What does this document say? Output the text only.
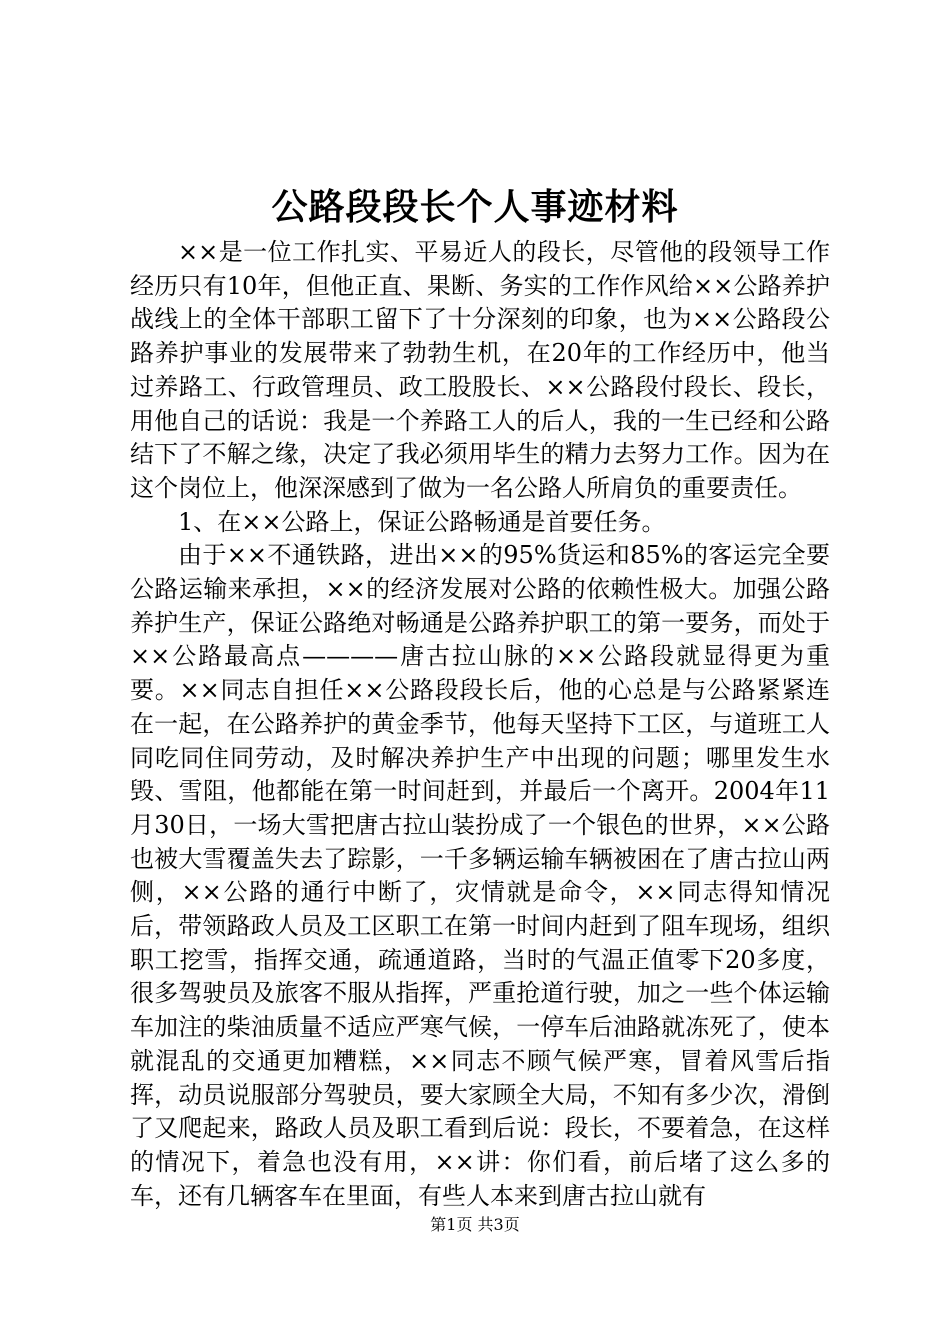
公路段段长个人事迹材料

××是一位工作扎实、平易近人的段长，尽管他的段领导工作经历只有10年，但他正直、果断、务实的工作作风给××公路养护战线上的全体干部职工留下了十分深刻的印象，也为××公路段公路养护事业的发展带来了勃勃生机，在20年的工作经历中，他当过养路工、行政管理员、政工股股长、××公路段付段长、段长，用他自己的话说：我是一个养路工人的后人，我的一生已经和公路结下了不解之缘，决定了我必须用毕生的精力去努力工作。因为在这个岗位上，他深深感到了做为一名公路人所肩负的重要责任。

1、在××公路上，保证公路畅通是首要任务。

由于××不通铁路，进出××的95%货运和85%的客运完全要公路运输来承担，××的经济发展对公路的依赖性极大。加强公路养护生产，保证公路绝对畅通是公路养护职工的第一要务，而处于××公路最高点————唐古拉山脉的××公路段就显得更为重要。××同志自担任××公路段段长后，他的心总是与公路紧紧连在一起，在公路养护的黄金季节，他每天坚持下工区，与道班工人同吃同住同劳动，及时解决养护生产中出现的问题；哪里发生水毁、雪阻，他都能在第一时间赶到，并最后一个离开。2004年11月30日，一场大雪把唐古拉山装扮成了一个银色的世界，××公路也被大雪覆盖失去了踪影，一千多辆运输车辆被困在了唐古拉山两侧，××公路的通行中断了，灾情就是命令，××同志得知情况后，带领路政人员及工区职工在第一时间内赶到了阻车现场，组织职工挖雪，指挥交通，疏通道路，当时的气温正值零下20多度，很多驾驶员及旅客不服从指挥，严重抢道行驶，加之一些个体运输车加注的柴油质量不适应严寒气候，一停车后油路就冻死了，使本就混乱的交通更加糟糕，××同志不顾气候严寒，冒着风雪后指挥，动员说服部分驾驶员，要大家顾全大局，不知有多少次，滑倒了又爬起来，路政人员及职工看到后说：段长，不要着急，在这样的情况下，着急也没有用，××讲：你们看，前后堵了这么多的车，还有几辆客车在里面，有些人本来到唐古拉山就有

第1页 共3页
